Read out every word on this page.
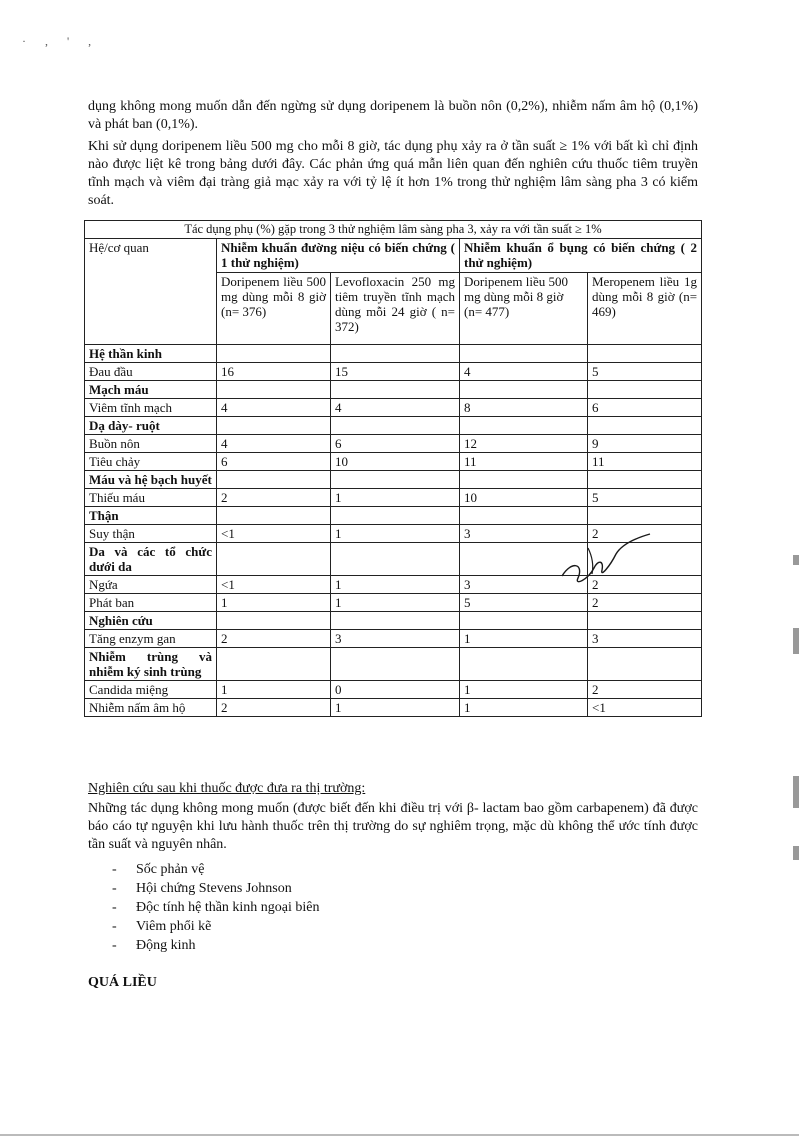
· , ' ,

dụng không mong muốn dẫn đến ngừng sử dụng doripenem là buồn nôn (0,2%), nhiễm nấm âm hộ (0,1%) và phát ban (0,1%).

Khi sử dụng doripenem liều 500 mg cho mỗi 8 giờ, tác dụng phụ xảy ra ở tần suất ≥ 1% với bất kì chỉ định nào được liệt kê trong bảng dưới đây. Các phản ứng quá mẫn liên quan đến nghiên cứu thuốc tiêm truyền tĩnh mạch và viêm đại tràng giả mạc xảy ra với tỷ lệ ít hơn 1% trong thử nghiệm lâm sàng pha 3 có kiểm soát.

Tác dụng phụ (%) gặp trong 3 thử nghiệm lâm sàng pha 3, xảy ra với tần suất ≥ 1%				
Hệ/cơ quan	Nhiễm khuẩn đường niệu có biến chứng ( 1 thử nghiệm)		Nhiễm khuẩn ổ bụng có biến chứng ( 2 thử nghiệm)	
	Doripenem liều 500 mg dùng mỗi 8 giờ (n= 376)	Levofloxacin 250 mg tiêm truyền tĩnh mạch dùng mỗi 24 giờ ( n= 372)	Doripenem liều 500 mg dùng mỗi 8 giờ (n= 477)	Meropenem liều 1g dùng mỗi 8 giờ (n= 469)
Hệ thần kinh				
Đau đầu	16	15	4	5
Mạch máu				
Viêm tĩnh mạch	4	4	8	6
Dạ dày- ruột				
Buồn nôn	4	6	12	9
Tiêu chảy	6	10	11	11
Máu và hệ bạch huyết				
Thiếu máu	2	1	10	5
Thận				
Suy thận	<1	1	3	2
Da và các tổ chức dưới da				
Ngứa	<1	1	3	2
Phát ban	1	1	5	2
Nghiên cứu				
Tăng enzym gan	2	3	1	3
Nhiễm trùng và nhiễm ký sinh trùng				
Candida miệng	1	0	1	2
Nhiễm nấm âm hộ	2	1	1	<1
Nghiên cứu sau khi thuốc được đưa ra thị trường:

Những tác dụng không mong muốn (được biết đến khi điều trị với β- lactam bao gồm carbapenem) đã được báo cáo tự nguyện khi lưu hành thuốc trên thị trường do sự nghiêm trọng, mặc dù không thể ước tính được tần suất và nguyên nhân.

- Sốc phản vệ
- Hội chứng Stevens Johnson
- Độc tính hệ thần kinh ngoại biên
- Viêm phổi kẽ
- Động kinh
QUÁ LIỀU
